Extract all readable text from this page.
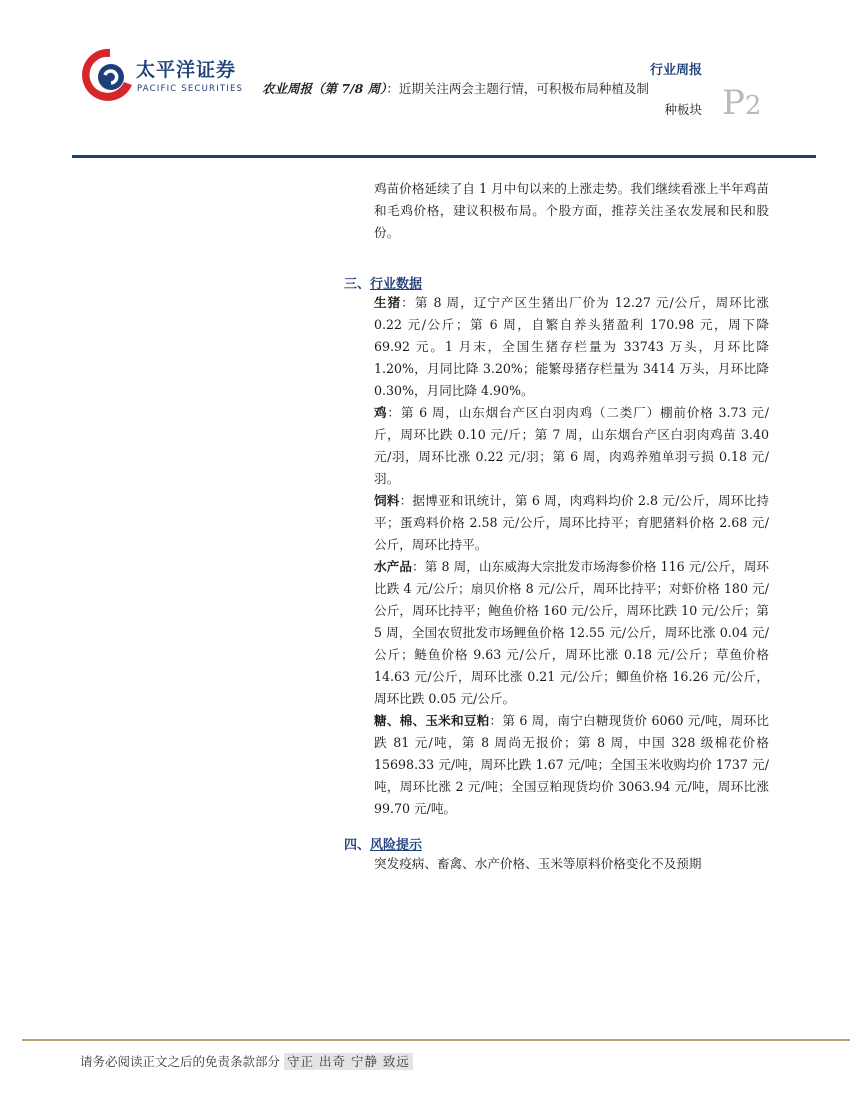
太平洋证券
PACIFIC SECURITIES
行业周报
农业周报（第 7/8 周）：近期关注两会主题行情，可积极布局种植及制
种板块 P2

鸡苗价格延续了自 1 月中旬以来的上涨走势。我们继续看涨上半年鸡苗和毛鸡价格，建议积极布局。个股方面，推荐关注圣农发展和民和股份。

三、行业数据

生猪：第 8 周，辽宁产区生猪出厂价为 12.27 元/公斤，周环比涨 0.22 元/公斤；第 6 周，自繁自养头猪盈利 170.98 元，周下降 69.92 元。1 月末，全国生猪存栏量为 33743 万头，月环比降 1.20%，月同比降 3.20%；能繁母猪存栏量为 3414 万头，月环比降 0.30%，月同比降 4.90%。

鸡：第 6 周，山东烟台产区白羽肉鸡（二类厂）棚前价格 3.73 元/斤，周环比跌 0.10 元/斤；第 7 周，山东烟台产区白羽肉鸡苗 3.40 元/羽，周环比涨 0.22 元/羽；第 6 周，肉鸡养殖单羽亏损 0.18 元/羽。

饲料：据博亚和讯统计，第 6 周，肉鸡料均价 2.8 元/公斤，周环比持平；蛋鸡料价格 2.58 元/公斤，周环比持平；育肥猪料价格 2.68 元/公斤，周环比持平。

水产品：第 8 周，山东威海大宗批发市场海参价格 116 元/公斤，周环比跌 4 元/公斤；扇贝价格 8 元/公斤，周环比持平；对虾价格 180 元/公斤，周环比持平；鲍鱼价格 160 元/公斤，周环比跌 10 元/公斤；第 5 周，全国农贸批发市场鲤鱼价格 12.55 元/公斤，周环比涨 0.04 元/公斤；鲢鱼价格 9.63 元/公斤，周环比涨 0.18 元/公斤；草鱼价格 14.63 元/公斤，周环比涨 0.21 元/公斤；鲫鱼价格 16.26 元/公斤，周环比跌 0.05 元/公斤。

糖、棉、玉米和豆粕：第 6 周，南宁白糖现货价 6060 元/吨，周环比跌 81 元/吨，第 8 周尚无报价；第 8 周，中国 328 级棉花价格 15698.33 元/吨，周环比跌 1.67 元/吨；全国玉米收购均价 1737 元/吨，周环比涨 2 元/吨；全国豆粕现货均价 3063.94 元/吨，周环比涨 99.70 元/吨。

四、风险提示

突发疫病、畜禽、水产价格、玉米等原料价格变化不及预期

请务必阅读正文之后的免责条款部分 守正 出奇 宁静 致远
